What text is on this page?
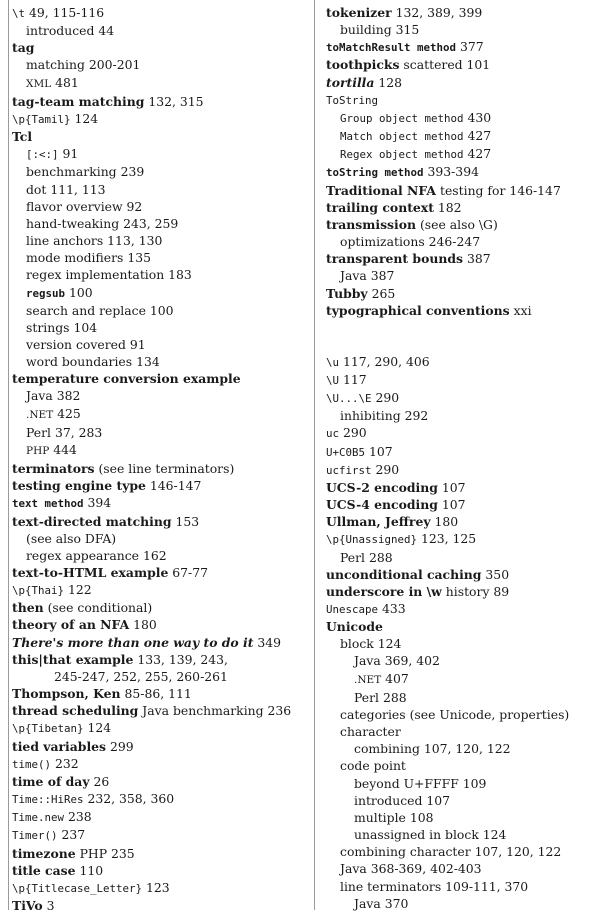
\t 49, 115-116
introduced 44
tag
matching 200-201
XML 481
tag-team matching 132, 315
\p{Tamil} 124
Tcl
[:<:] 91
benchmarking 239
dot 111, 113
flavor overview 92
hand-tweaking 243, 259
line anchors 113, 130
mode modifiers 135
regex implementation 183
regsub 100
search and replace 100
strings 104
version covered 91
word boundaries 134
temperature conversion example
Java 382
.NET 425
Perl 37, 283
PHP 444
terminators (see line terminators)
testing engine type 146-147
text method 394
text-directed matching 153
(see also DFA)
regex appearance 162
text-to-HTML example 67-77
\p{Thai} 122
then (see conditional)
theory of an NFA 180
There's more than one way to do it 349
this|that example 133, 139, 243,
245-247, 252, 255, 260-261
Thompson, Ken 85-86, 111
thread scheduling Java benchmarking 236
\p{Tibetan} 124
tied variables 299
time() 232
time of day 26
Time::HiRes 232, 358, 360
Time.new 238
Timer() 237
timezone PHP 235
title case 110
\p{Titlecase_Letter} 123
TiVo 3
tokenizer 132, 389, 399
building 315
toMatchResult method 377
toothpicks scattered 101
tortilla 128
ToString
Group object method 430
Match object method 427
Regex object method 427
toString method 393-394
Traditional NFA testing for 146-147
trailing context 182
transmission (see also \G)
optimizations 246-247
transparent bounds 387
Java 387
Tubby 265
typographical conventions xxi
\u 117, 290, 406
\U 117
\U...\E 290
inhibiting 292
uc 290
U+C0B5 107
ucfirst 290
UCS-2 encoding 107
UCS-4 encoding 107
Ullman, Jeffrey 180
\p{Unassigned} 123, 125
Perl 288
unconditional caching 350
underscore in \w history 89
Unescape 433
Unicode
block 124
Java 369, 402
.NET 407
Perl 288
categories (see Unicode, properties)
character
combining 107, 120, 122
code point
beyond U+FFFF 109
introduced 107
multiple 108
unassigned in block 124
combining character 107, 120, 122
Java 368-369, 402-403
line terminators 109-111, 370
Java 370
